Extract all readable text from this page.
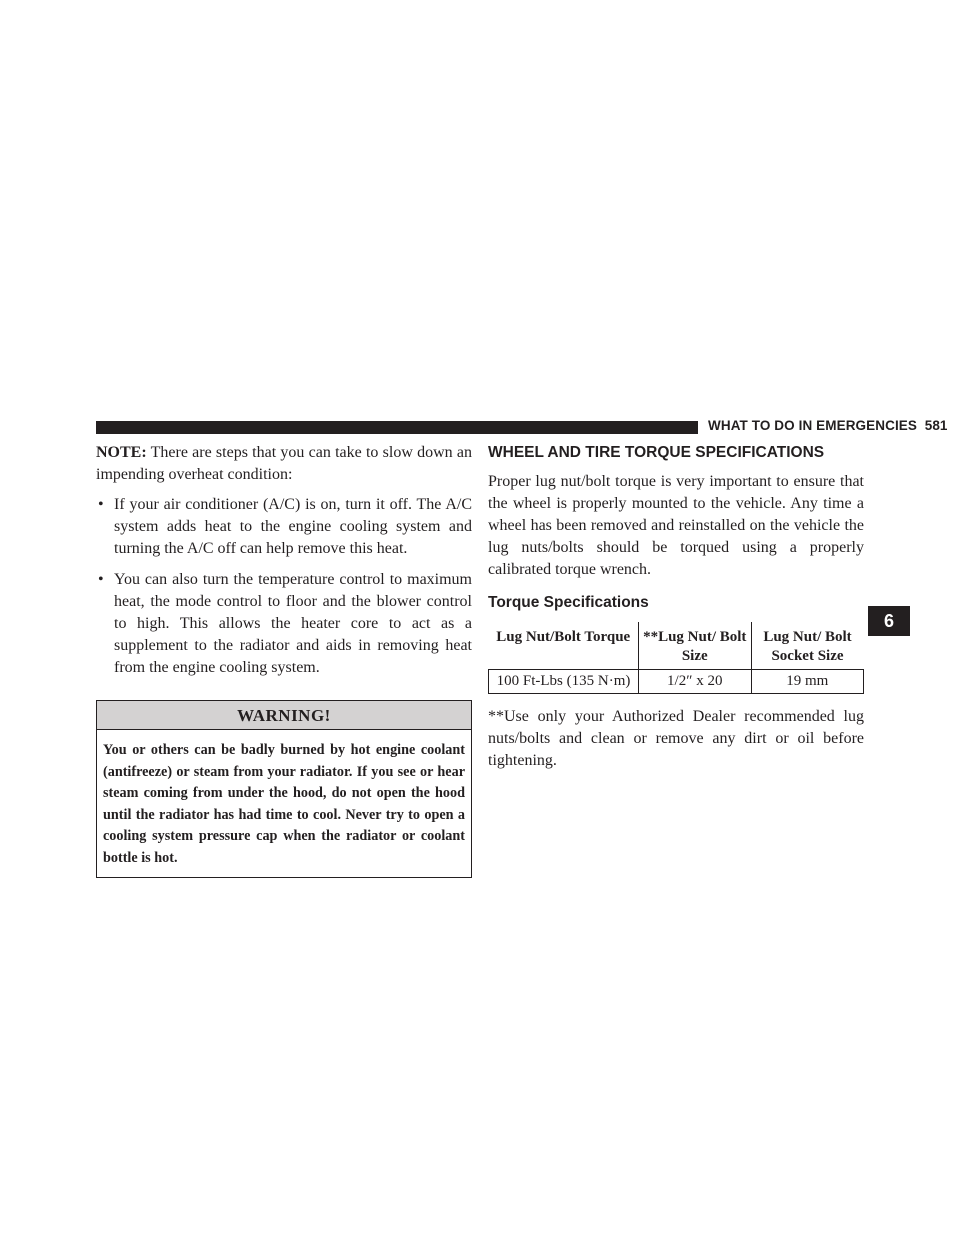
WHAT TO DO IN EMERGENCIES 581
6

NOTE: There are steps that you can take to slow down an impending overheat condition:

• If your air conditioner (A/C) is on, turn it off. The A/C system adds heat to the engine cooling system and turning the A/C off can help remove this heat.
• You can also turn the temperature control to maximum heat, the mode control to floor and the blower control to high. This allows the heater core to act as a supplement to the radiator and aids in removing heat from the engine cooling system.
WARNING!
You or others can be badly burned by hot engine coolant (antifreeze) or steam from your radiator. If you see or hear steam coming from under the hood, do not open the hood until the radiator has had time to cool. Never try to open a cooling system pressure cap when the radiator or coolant bottle is hot.
WHEEL AND TIRE TORQUE SPECIFICATIONS

Proper lug nut/bolt torque is very important to ensure that the wheel is properly mounted to the vehicle. Any time a wheel has been removed and reinstalled on the vehicle the lug nuts/bolts should be torqued using a properly calibrated torque wrench.

Torque Specifications
Lug Nut/Bolt Torque	**Lug Nut/ Bolt Size	Lug Nut/ Bolt Socket Size
100 Ft-Lbs (135 N·m)	1/2″ x 20	19 mm

**Use only your Authorized Dealer recommended lug nuts/bolts and clean or remove any dirt or oil before tightening.
